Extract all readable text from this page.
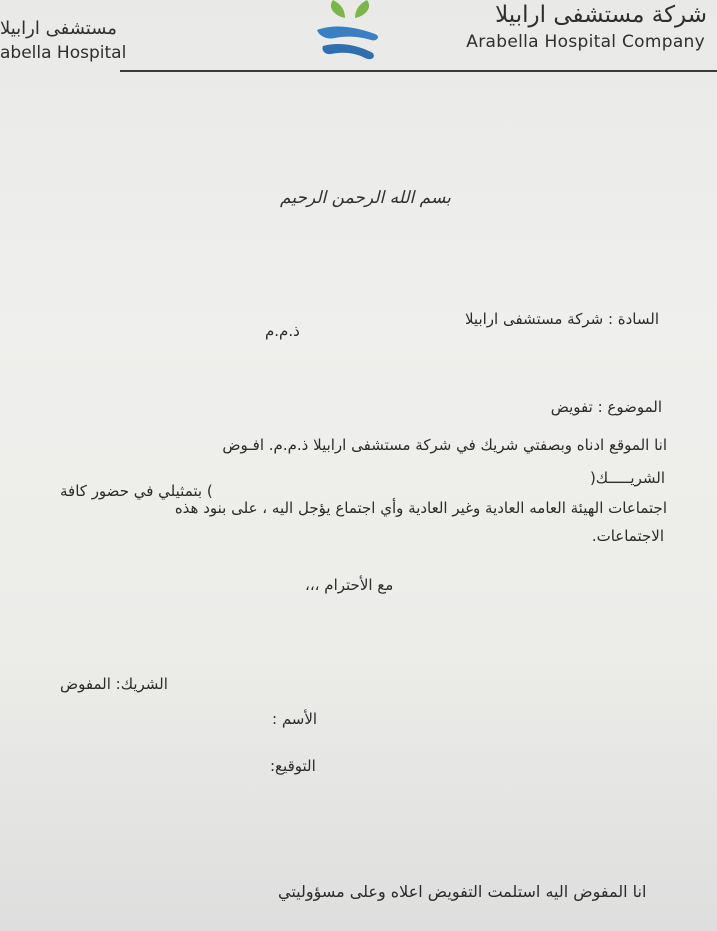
شركة مستشفى ارابيلا
Arabella Hospital Company
مستشفى ارابيلا
abella Hospital
بسم الله الرحمن الرحيم
السادة : شركة مستشفى ارابيلا
ذ.م.م
الموضوع : تفويض
انا الموقع ادناه وبصفتي شريك في شركة مستشفى ارابيلا ذ.م.م. افـوض
الشريـــــك(
) بتمثيلي في حضور كافة
اجتماعات الهيئة العامه العادية وغير العادية وأي اجتماع يؤجل اليه ، على بنود هذه
الاجتماعات.
مع الأحترام ،،،
الشريك: المفوض
الأسم :
التوقيع:
انا المفوض اليه استلمت التفويض اعلاه وعلى مسؤوليتي
